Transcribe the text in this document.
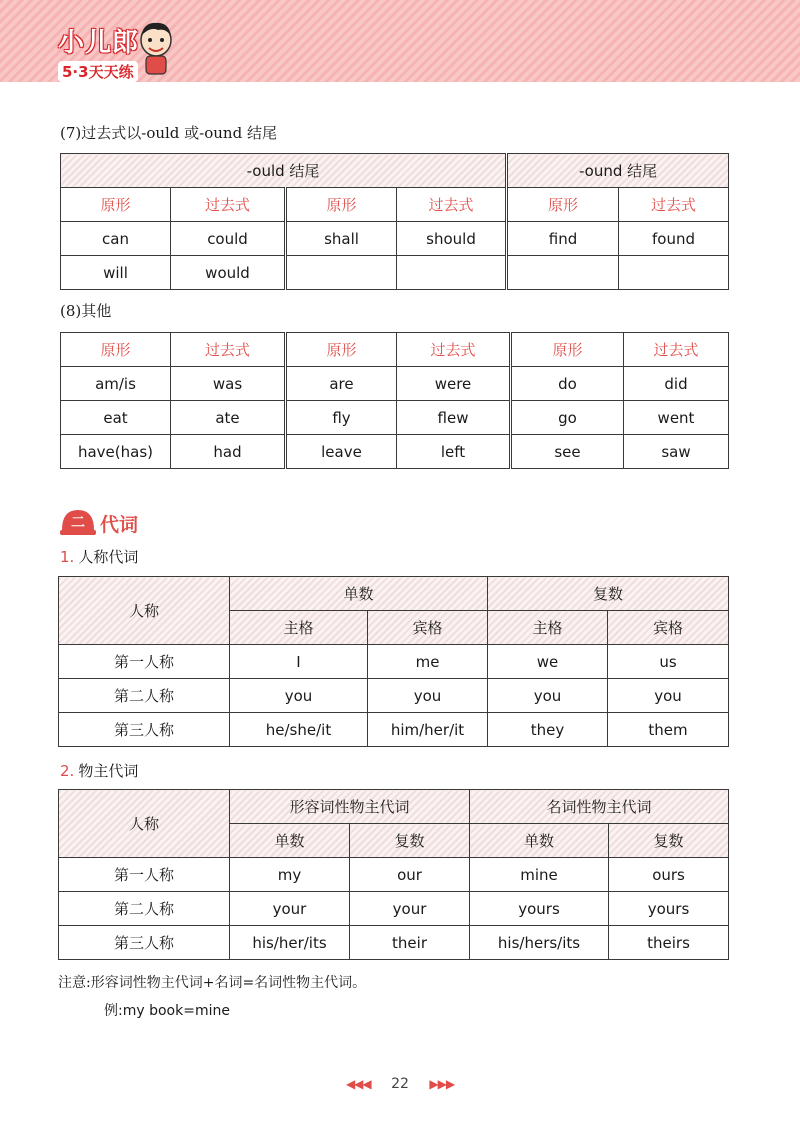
小儿郎
5·3天天练
(7)过去式以-ould 或-ound 结尾
-ould 结尾				-ound 结尾	
原形	过去式	原形	过去式	原形	过去式
can	could	shall	should	find	found
will	would				
(8)其他
原形	过去式	原形	过去式	原形	过去式
am/is	was	are	were	do	did
eat	ate	fly	flew	go	went
have(has)	had	leave	left	see	saw
二 代词
1. 人称代词
人称	单数		复数	
	主格	宾格	主格	宾格
第一人称	I	me	we	us
第二人称	you	you	you	you
第三人称	he/she/it	him/her/it	they	them
2. 物主代词
人称	形容词性物主代词		名词性物主代词	
	单数	复数	单数	复数
第一人称	my	our	mine	ours
第二人称	your	your	yours	yours
第三人称	his/her/its	their	his/hers/its	theirs
注意:形容词性物主代词+名词=名词性物主代词。
例:my book=mine
◀◀◀ 22 ▶▶▶
